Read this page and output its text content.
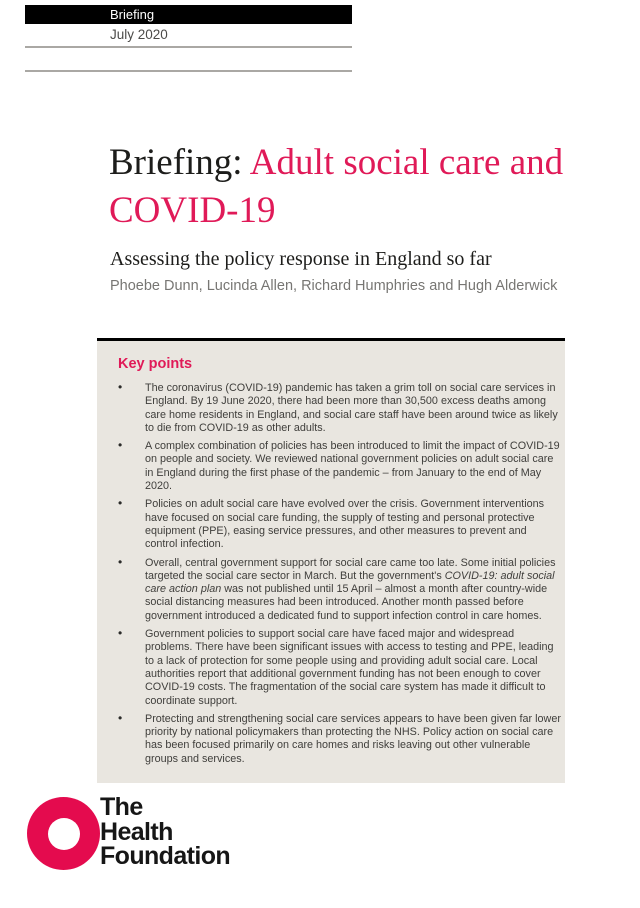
Briefing
July 2020
Briefing: Adult social care and COVID-19
Assessing the policy response in England so far
Phoebe Dunn, Lucinda Allen, Richard Humphries and Hugh Alderwick
Key points
• The coronavirus (COVID-19) pandemic has taken a grim toll on social care services in England. By 19 June 2020, there had been more than 30,500 excess deaths among care home residents in England, and social care staff have been around twice as likely to die from COVID-19 as other adults.
• A complex combination of policies has been introduced to limit the impact of COVID-19 on people and society. We reviewed national government policies on adult social care in England during the first phase of the pandemic – from January to the end of May 2020.
• Policies on adult social care have evolved over the crisis. Government interventions have focused on social care funding, the supply of testing and personal protective equipment (PPE), easing service pressures, and other measures to prevent and control infection.
• Overall, central government support for social care came too late. Some initial policies targeted the social care sector in March. But the government's COVID-19: adult social care action plan was not published until 15 April – almost a month after country-wide social distancing measures had been introduced. Another month passed before government introduced a dedicated fund to support infection control in care homes.
• Government policies to support social care have faced major and widespread problems. There have been significant issues with access to testing and PPE, leading to a lack of protection for some people using and providing adult social care. Local authorities report that additional government funding has not been enough to cover COVID-19 costs. The fragmentation of the social care system has made it difficult to coordinate support.
• Protecting and strengthening social care services appears to have been given far lower priority by national policymakers than protecting the NHS. Policy action on social care has been focused primarily on care homes and risks leaving out other vulnerable groups and services.
The
Health
Foundation
